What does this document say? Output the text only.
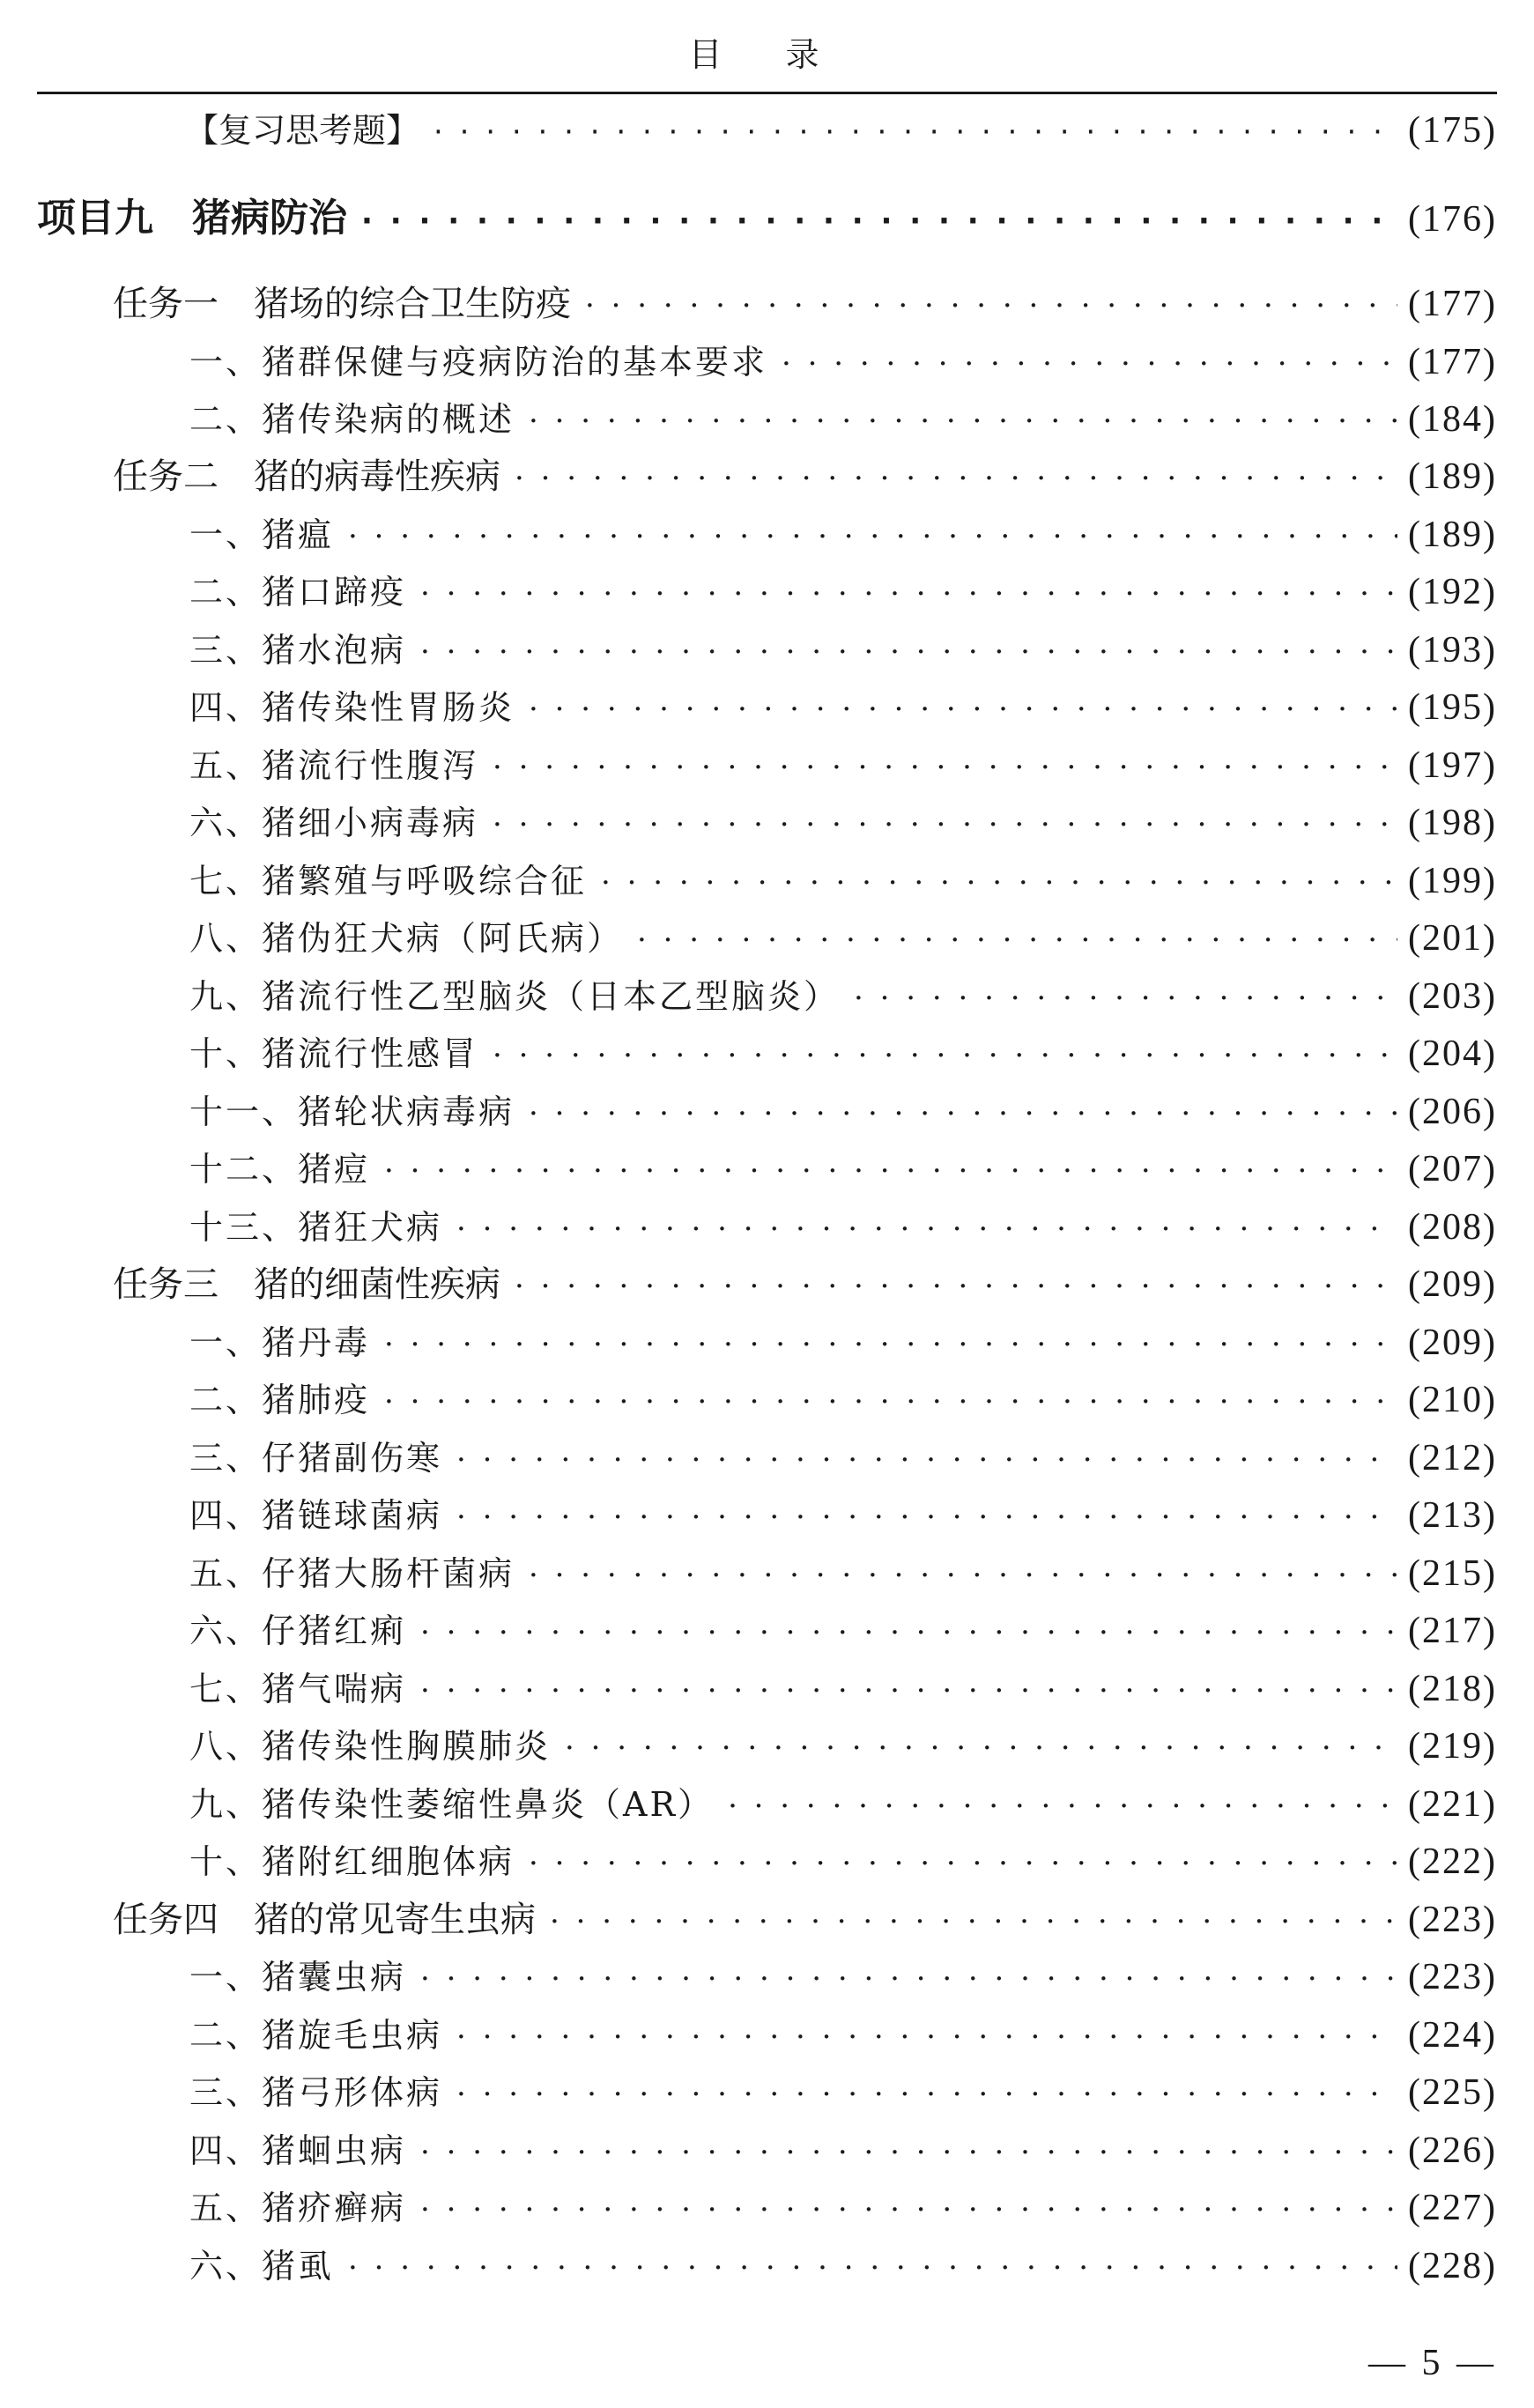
目 录
【复习思考题】 · · ·	(175)
项目九　猪病防治 · · ·	(176)
任务一　猪场的综合卫生防疫 · · ·	(177)
一、猪群保健与疫病防治的基本要求 · · ·	(177)
二、猪传染病的概述 · · ·	(184)
任务二　猪的病毒性疾病 · · ·	(189)
一、猪瘟 · · ·	(189)
二、猪口蹄疫 · · ·	(192)
三、猪水泡病 · · ·	(193)
四、猪传染性胃肠炎 · · ·	(195)
五、猪流行性腹泻 · · ·	(197)
六、猪细小病毒病 · · ·	(198)
七、猪繁殖与呼吸综合征 · · ·	(199)
八、猪伪狂犬病（阿氏病） · · ·	(201)
九、猪流行性乙型脑炎（日本乙型脑炎） · · ·	(203)
十、猪流行性感冒 · · ·	(204)
十一、猪轮状病毒病 · · ·	(206)
十二、猪痘 · · ·	(207)
十三、猪狂犬病 · · ·	(208)
任务三　猪的细菌性疾病 · · ·	(209)
一、猪丹毒 · · ·	(209)
二、猪肺疫 · · ·	(210)
三、仔猪副伤寒 · · ·	(212)
四、猪链球菌病 · · ·	(213)
五、仔猪大肠杆菌病 · · ·	(215)
六、仔猪红痢 · · ·	(217)
七、猪气喘病 · · ·	(218)
八、猪传染性胸膜肺炎 · · ·	(219)
九、猪传染性萎缩性鼻炎（AR） · · ·	(221)
十、猪附红细胞体病 · · ·	(222)
任务四　猪的常见寄生虫病 · · ·	(223)
一、猪囊虫病 · · ·	(223)
二、猪旋毛虫病 · · ·	(224)
三、猪弓形体病 · · ·	(225)
四、猪蛔虫病 · · ·	(226)
五、猪疥癣病 · · ·	(227)
六、猪虱 · · ·	(228)
— 5 —
